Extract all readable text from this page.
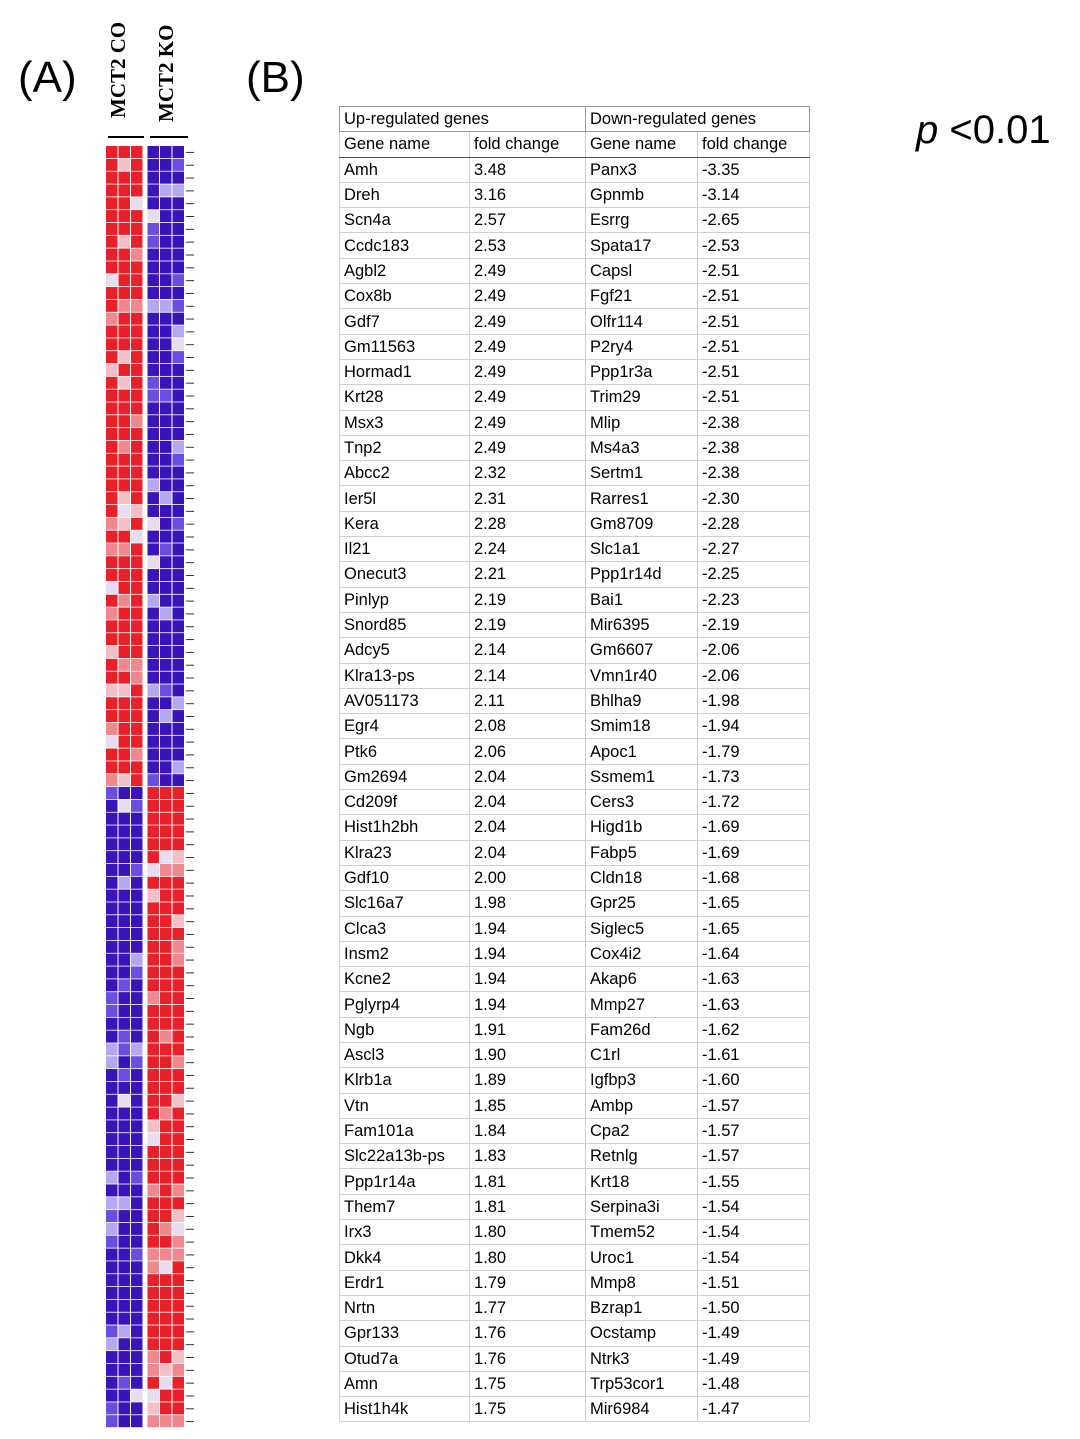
(A)	(B)
p <0.01
MCT2 CO MCT2 KO	Up-regulated genes		Down-regulated genes	
Gene name	fold change	Gene name	fold change
Amh	3.48	Panx3	-3.35
Dreh	3.16	Gpnmb	-3.14
Scn4a	2.57	Esrrg	-2.65
Ccdc183	2.53	Spata17	-2.53
Agbl2	2.49	Capsl	-2.51
Cox8b	2.49	Fgf21	-2.51
Gdf7	2.49	Olfr114	-2.51
Gm11563	2.49	P2ry4	-2.51
Hormad1	2.49	Ppp1r3a	-2.51
Krt28	2.49	Trim29	-2.51
Msx3	2.49	Mlip	-2.38
Tnp2	2.49	Ms4a3	-2.38
Abcc2	2.32	Sertm1	-2.38
Ier5l	2.31	Rarres1	-2.30
Kera	2.28	Gm8709	-2.28
Il21	2.24	Slc1a1	-2.27
Onecut3	2.21	Ppp1r14d	-2.25
Pinlyp	2.19	Bai1	-2.23
Snord85	2.19	Mir6395	-2.19
Adcy5	2.14	Gm6607	-2.06
Klra13-ps	2.14	Vmn1r40	-2.06
AV051173	2.11	Bhlha9	-1.98
Egr4	2.08	Smim18	-1.94
Ptk6	2.06	Apoc1	-1.79
Gm2694	2.04	Ssmem1	-1.73
Cd209f	2.04	Cers3	-1.72
Hist1h2bh	2.04	Higd1b	-1.69
Klra23	2.04	Fabp5	-1.69
Gdf10	2.00	Cldn18	-1.68
Slc16a7	1.98	Gpr25	-1.65
Clca3	1.94	Siglec5	-1.65
Insm2	1.94	Cox4i2	-1.64
Kcne2	1.94	Akap6	-1.63
Pglyrp4	1.94	Mmp27	-1.63
Ngb	1.91	Fam26d	-1.62
Ascl3	1.90	C1rl	-1.61
Klrb1a	1.89	Igfbp3	-1.60
Vtn	1.85	Ambp	-1.57
Fam101a	1.84	Cpa2	-1.57
Slc22a13b-ps	1.83	Retnlg	-1.57
Ppp1r14a	1.81	Krt18	-1.55
Them7	1.81	Serpina3i	-1.54
Irx3	1.80	Tmem52	-1.54
Dkk4	1.80	Uroc1	-1.54
Erdr1	1.79	Mmp8	-1.51
Nrtn	1.77	Bzrap1	-1.50
Gpr133	1.76	Ocstamp	-1.49
Otud7a	1.76	Ntrk3	-1.49
Amn	1.75	Trp53cor1	-1.48
Hist1h4k	1.75	Mir6984	-1.47
